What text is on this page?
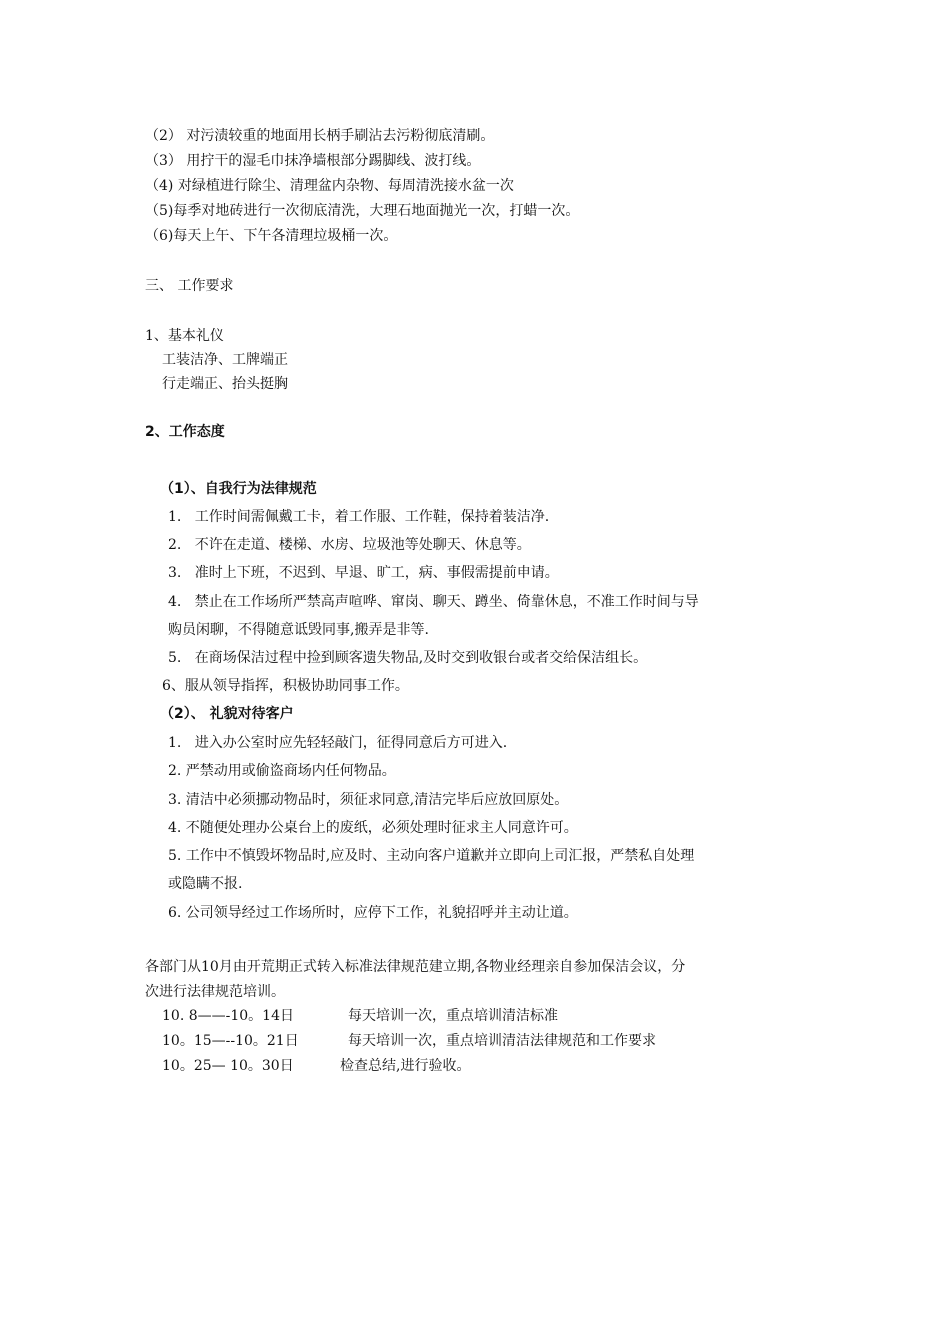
（2） 对污渍较重的地面用长柄手刷沾去污粉彻底清刷。
（3） 用拧干的湿毛巾抹净墙根部分踢脚线、波打线。
（4) 对绿植进行除尘、清理盆内杂物、每周清洗接水盆一次
（5)每季对地砖进行一次彻底清洗，大理石地面抛光一次，打蜡一次。
（6)每天上午、下午各清理垃圾桶一次。
三、 工作要求
1、基本礼仪
工装洁净、工牌端正
行走端正、抬头挺胸
2、工作态度
（1）、自我行为法律规范
1.   工作时间需佩戴工卡，着工作服、工作鞋，保持着装洁净.
2.   不许在走道、楼梯、水房、垃圾池等处聊天、休息等。
3.   准时上下班，不迟到、早退、旷工，病、事假需提前申请。
4.   禁止在工作场所严禁高声喧哗、窜岗、聊天、蹲坐、倚靠休息，不准工作时间与导
购员闲聊，不得随意诋毁同事,搬弄是非等.
5.   在商场保洁过程中捡到顾客遗失物品,及时交到收银台或者交给保洁组长。
6、服从领导指挥，积极协助同事工作。
（2）、 礼貌对待客户
1.   进入办公室时应先轻轻敲门，征得同意后方可进入.
2. 严禁动用或偷盗商场内任何物品。
3. 清洁中必须挪动物品时，须征求同意,清洁完毕后应放回原处。
4. 不随便处理办公桌台上的废纸，必须处理时征求主人同意许可。
5. 工作中不慎毁坏物品时,应及时、主动向客户道歉并立即向上司汇报，严禁私自处理
或隐瞒不报.
6. 公司领导经过工作场所时，应停下工作，礼貌招呼并主动让道。
各部门从10月由开荒期正式转入标准法律规范建立期,各物业经理亲自参加保洁会议，分
次进行法律规范培训。
10. 8——-10。14日	每天培训一次，重点培训清洁标准
10。15—--10。21日	每天培训一次，重点培训清洁法律规范和工作要求
10。25— 10。30日	检查总结,进行验收。
